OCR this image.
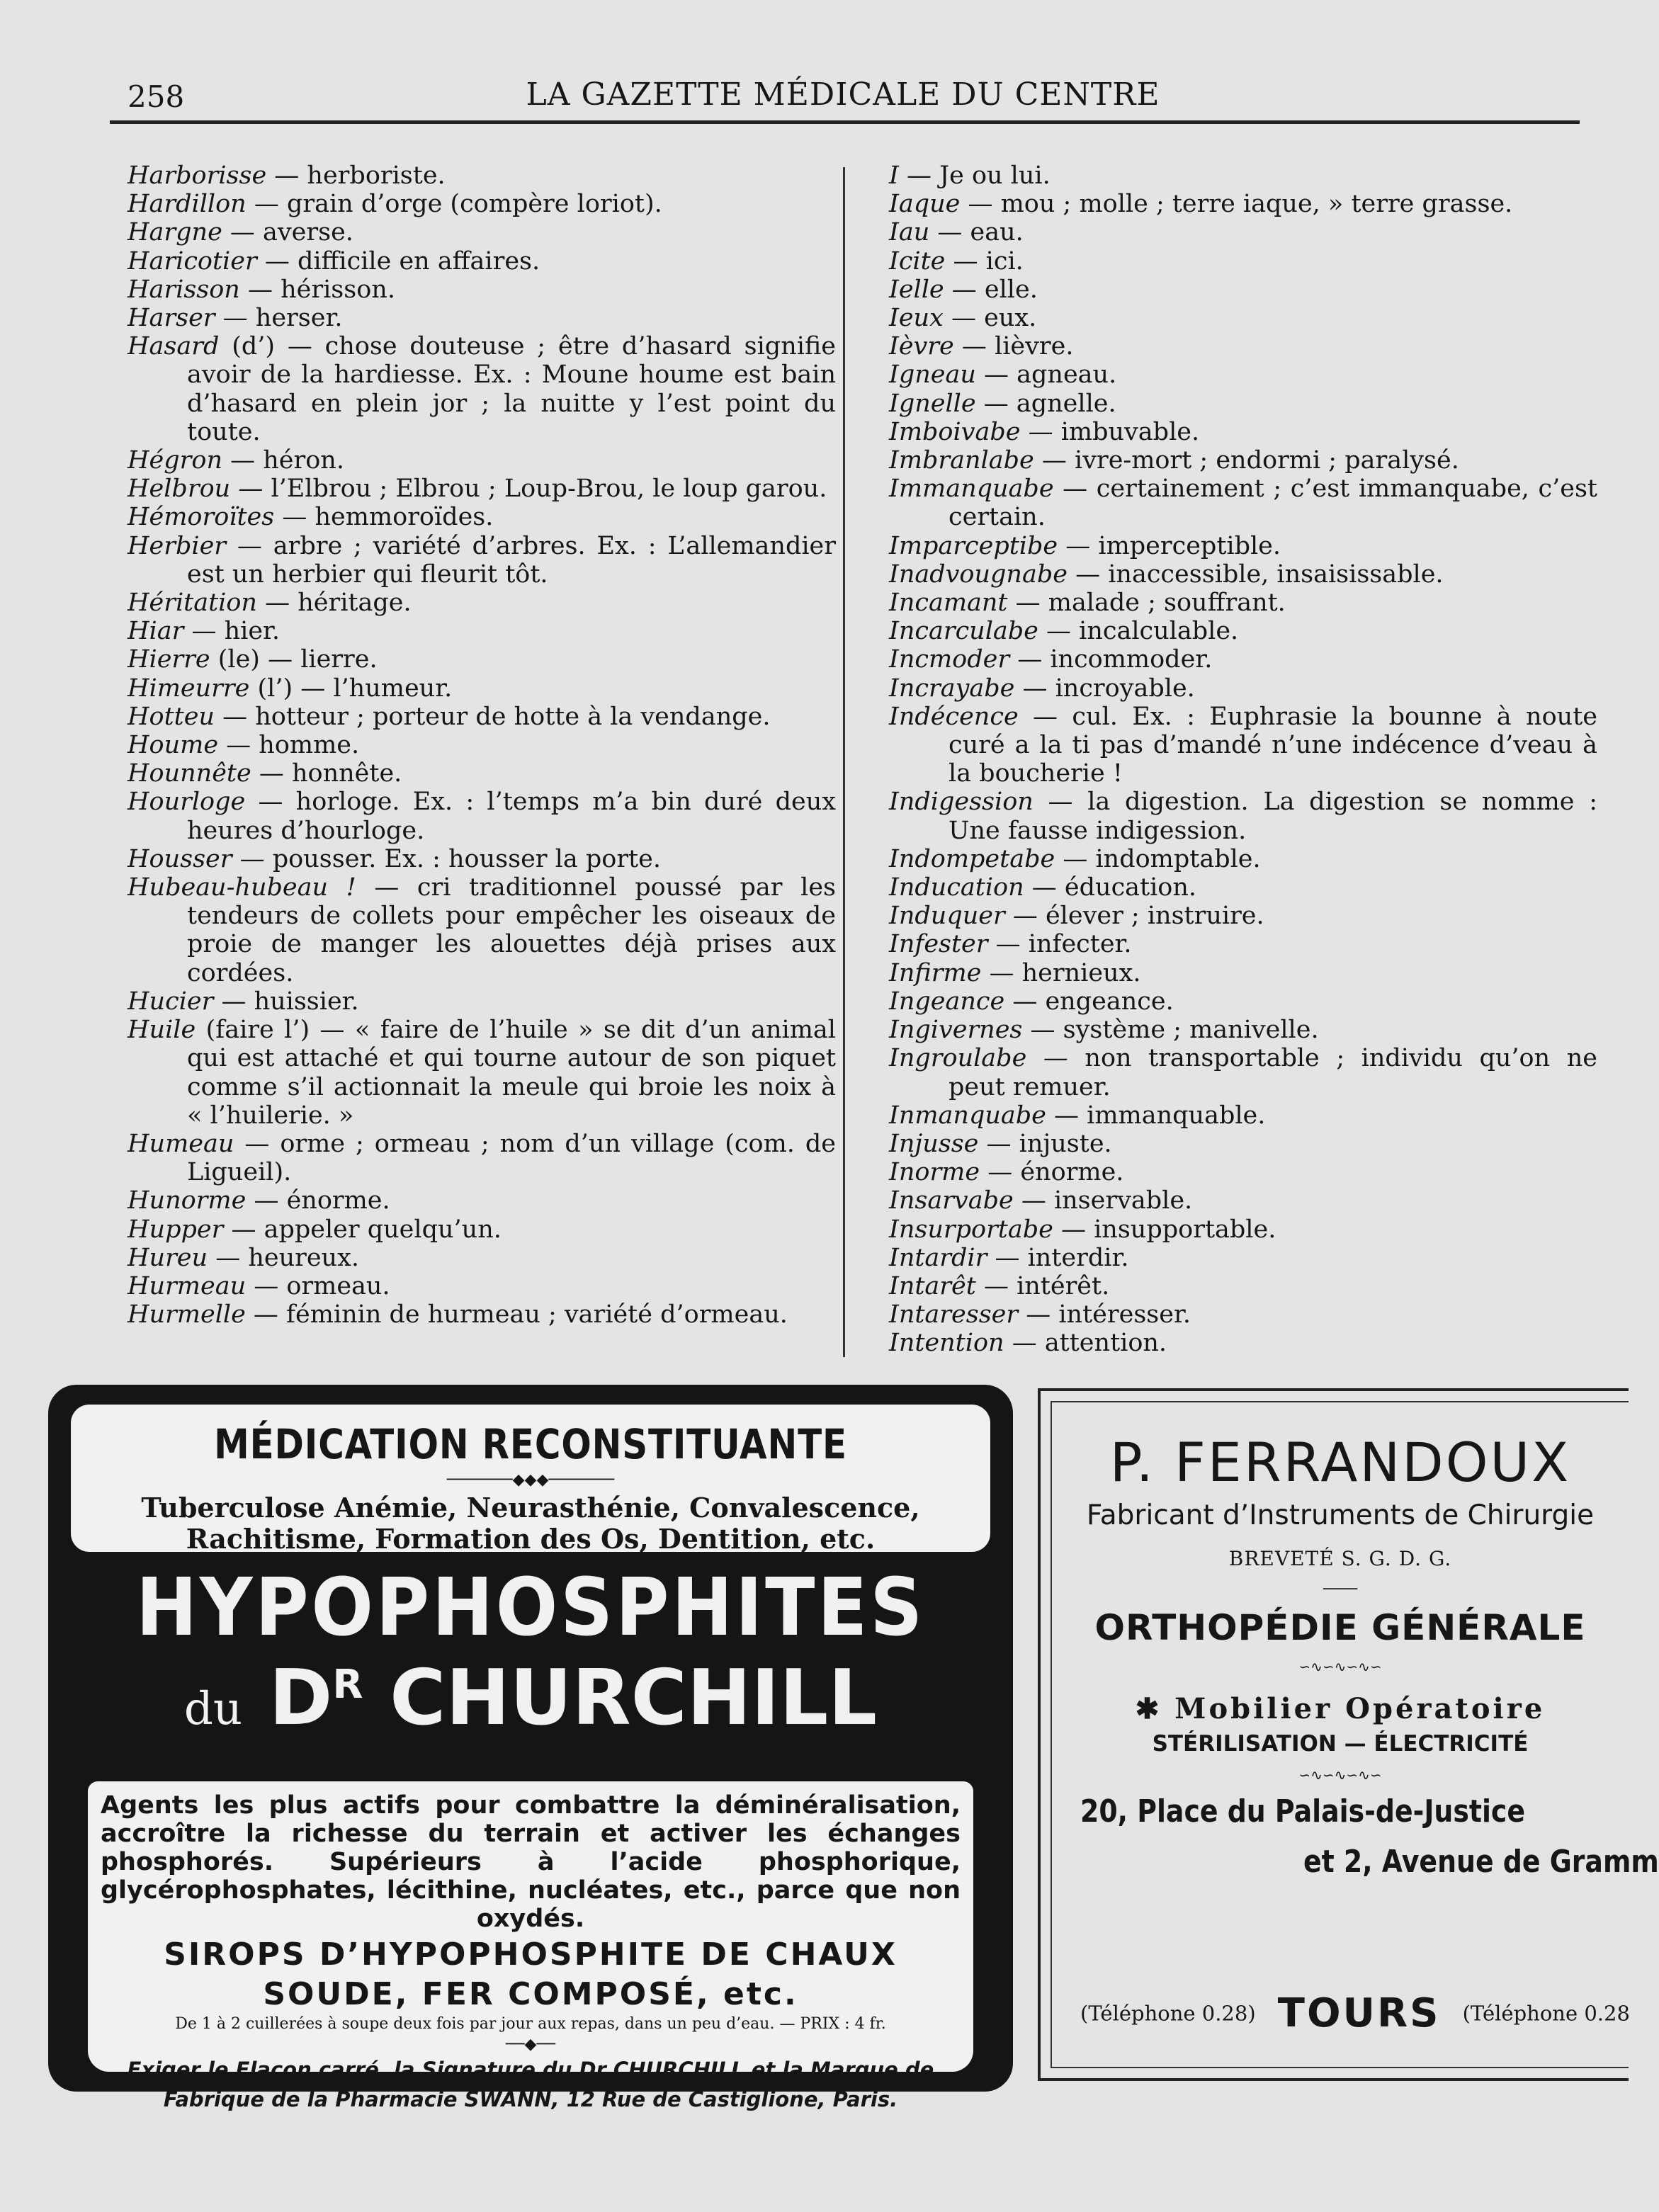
258	LA GAZETTE MÉDICALE DU CENTRE
Harborisse — herboriste.
Hardillon — grain d’orge (compère loriot).
Hargne — averse.
Haricotier — difficile en affaires.
Harisson — hérisson.
Harser — herser.
Hasard (d’) — chose douteuse ; être d’hasard signifie avoir de la hardiesse. Ex. : Moune houme est bain d’hasard en plein jor ; la nuitte y l’est point du toute.
Hégron — héron.
Helbrou — l’Elbrou ; Elbrou ; Loup-Brou, le loup garou.
Hémoroïtes — hemmoroïdes.
Herbier — arbre ; variété d’arbres. Ex. : L’allemandier est un herbier qui fleurit tôt.
Héritation — héritage.
Hiar — hier.
Hierre (le) — lierre.
Himeurre (l’) — l’humeur.
Hotteu — hotteur ; porteur de hotte à la vendange.
Houme — homme.
Hounnête — honnête.
Hourloge — horloge. Ex. : l’temps m’a bin duré deux heures d’hourloge.
Housser — pousser. Ex. : housser la porte.
Hubeau-hubeau ! — cri traditionnel poussé par les tendeurs de collets pour empêcher les oiseaux de proie de manger les alouettes déjà prises aux cordées.
Hucier — huissier.
Huile (faire l’) — « faire de l’huile » se dit d’un animal qui est attaché et qui tourne autour de son piquet comme s’il actionnait la meule qui broie les noix à « l’huilerie. »
Humeau — orme ; ormeau ; nom d’un village (com. de Ligueil).
Hunorme — énorme.
Hupper — appeler quelqu’un.
Hureu — heureux.
Hurmeau — ormeau.
Hurmelle — féminin de hurmeau ; variété d’ormeau.
I — Je ou lui.
Iaque — mou ; molle ; terre iaque, » terre grasse.
Iau — eau.
Icite — ici.
Ielle — elle.
Ieux — eux.
Ièvre — lièvre.
Igneau — agneau.
Ignelle — agnelle.
Imboivabe — imbuvable.
Imbranlabe — ivre-mort ; endormi ; paralysé.
Immanquabe — certainement ; c’est immanquabe, c’est certain.
Imparceptibe — imperceptible.
Inadvougnabe — inaccessible, insaisissable.
Incamant — malade ; souffrant.
Incarculabe — incalculable.
Incmoder — incommoder.
Incrayabe — incroyable.
Indécence — cul. Ex. : Euphrasie la bounne à noute curé a la ti pas d’mandé n’une indécence d’veau à la boucherie !
Indigession — la digestion. La digestion se nomme : Une fausse indigession.
Indompetabe — indomptable.
Inducation — éducation.
Induquer — élever ; instruire.
Infester — infecter.
Infirme — hernieux.
Ingeance — engeance.
Ingivernes — système ; manivelle.
Ingroulabe — non transportable ; individu qu’on ne peut remuer.
Inmanquabe — immanquable.
Injusse — injuste.
Inorme — énorme.
Insarvabe — inservable.
Insurportabe — insupportable.
Intardir — interdir.
Intarêt — intérêt.
Intaresser — intéresser.
Intention — attention.
MÉDICATION RECONSTITUANTE
───────◆◆◆───────
Tuberculose Anémie, Neurasthénie, Convalescence,
Rachitisme, Formation des Os, Dentition, etc.
HYPOPHOSPHITES
du $D^R$ CHURCHILL
Agents les plus actifs pour combattre la déminéralisation, accroître la richesse du terrain et activer les échanges phosphorés. Supérieurs à l’acide phosphorique, glycérophosphates, lécithine, nucléates, etc., parce que non oxydés.
SIROPS D’HYPOPHOSPHITE DE CHAUX
SOUDE, FER COMPOSÉ, etc.
De 1 à 2 cuillerées à soupe deux fois par jour aux repas, dans un peu d’eau. — PRIX : 4 fr.
──◆──
Exiger le Flacon carré, la Signature du Dr CHURCHILL et la Marque de
Fabrique de la Pharmacie SWANN, 12 Rue de Castiglione, Paris.
P. FERRANDOUX
Fabricant d’Instruments de Chirurgie
BREVETÉ S. G. D. G.
────
ORTHOPÉDIE GÉNÉRALE
∽∿∽∿∽∿∽
✱ Mobilier Opératoire
STÉRILISATION — ÉLECTRICITÉ
∽∿∽∿∽∿∽
20, Place du Palais-de-Justice
et 2, Avenue de Gramm
(Téléphone 0.28) TOURS (Téléphone 0.28
